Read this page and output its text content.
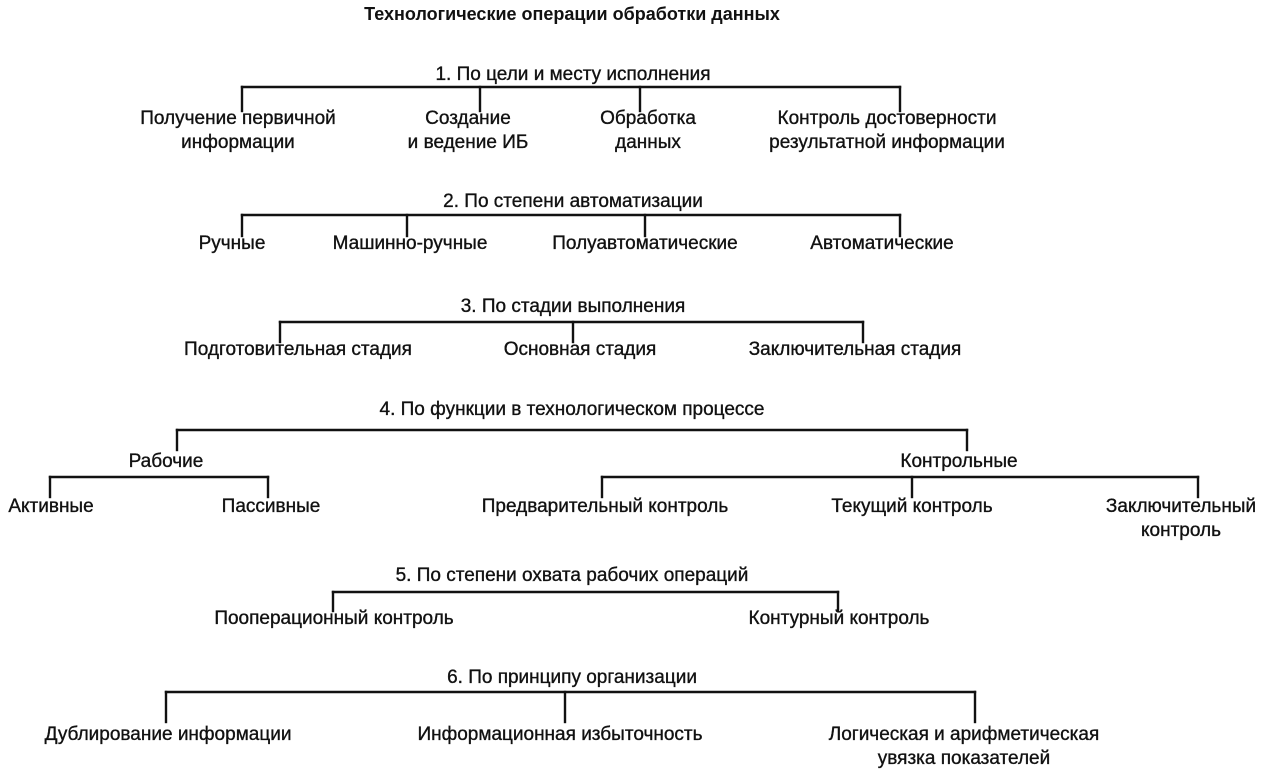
Технологические операции обработки данных
1. По цели и месту исполнения
Получение первичной
информации
Создание
и ведение ИБ
Обработка
данных
Контроль достоверности
результатной информации
2. По степени автоматизации
Ручные	Машинно-ручные	Полуавтоматические	Автоматические
3. По стадии выполнения
Подготовительная стадия	Основная стадия	Заключительная стадия
4. По функции в технологическом процессе
Рабочие	Контрольные
Активные	Пассивные	Предварительный контроль	Текущий контроль	Заключительный
контроль
5. По степени охвата рабочих операций
Пооперационный контроль	Контурный контроль
6. По принципу организации
Дублирование информации	Информационная избыточность	Логическая и арифметическая
увязка показателей
